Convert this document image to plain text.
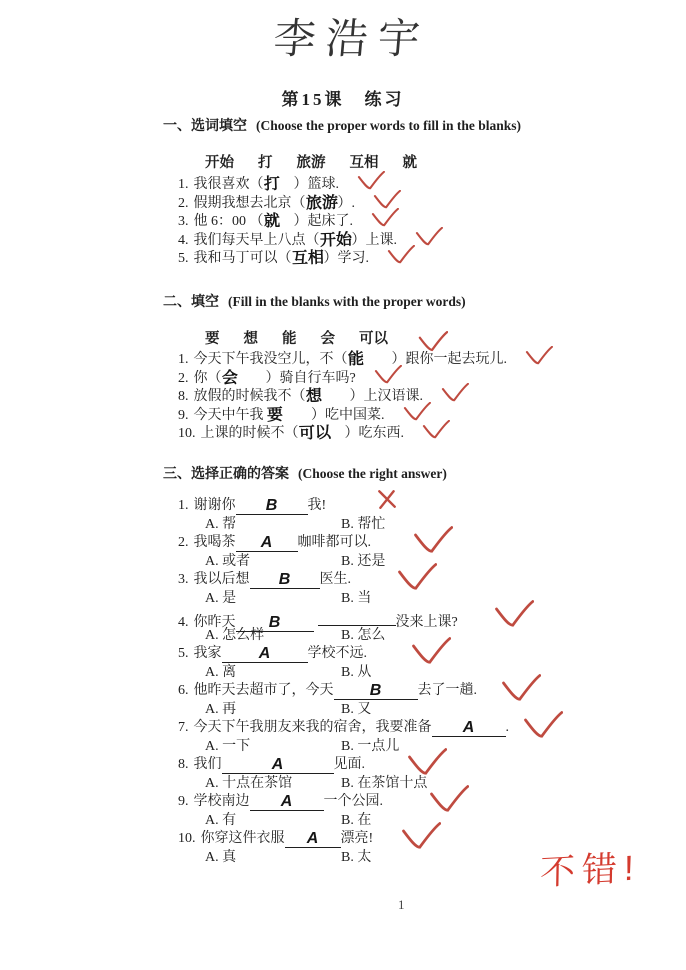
李浩宇
第15课　练习
一、选词填空 (Choose the proper words to fill in the blanks)
开始 打 旅游 互相 就
1. 我很喜欢（打　）篮球.
2. 假期我想去北京（旅游）.
3. 他 6：00 （就　）起床了.
4. 我们每天早上八点（开始）上课.
5. 我和马丁可以（互相）学习.
二、填空 (Fill in the blanks with the proper words)
要 想 能 会 可以
1. 今天下午我没空儿，不（能　　）跟你一起去玩儿.
2. 你（会　　）骑自行车吗?
8. 放假的时候我不（想　　）上汉语课.
9. 今天中午我 要　　）吃中国菜.
10. 上课的时候不（可以　）吃东西.
三、选择正确的答案 (Choose the right answer)
1. 谢谢你 B 我!
A. 帮	B. 帮忙
2. 我喝茶 A 咖啡都可以.
A. 或者	B. 还是
3. 我以后想 B 医生.
A. 是	B. 当
4. 你昨天 B	没来上课?
A. 怎么样	B. 怎么
5. 我家 A	学校不远.
A. 离	B. 从
6. 他昨天去超市了，今天 B	去了一趟.
A. 再	B. 又
7. 今天下午我朋友来我的宿舍，我要准备 A .
A. 一下	B. 一点儿
8. 我们	A	见面.
A. 十点在茶馆	B. 在茶馆十点
9. 学校南边 A 一个公园.
A. 有	B. 在
10. 你穿这件衣服 A 漂亮!
A. 真	B. 太	不错!
1
